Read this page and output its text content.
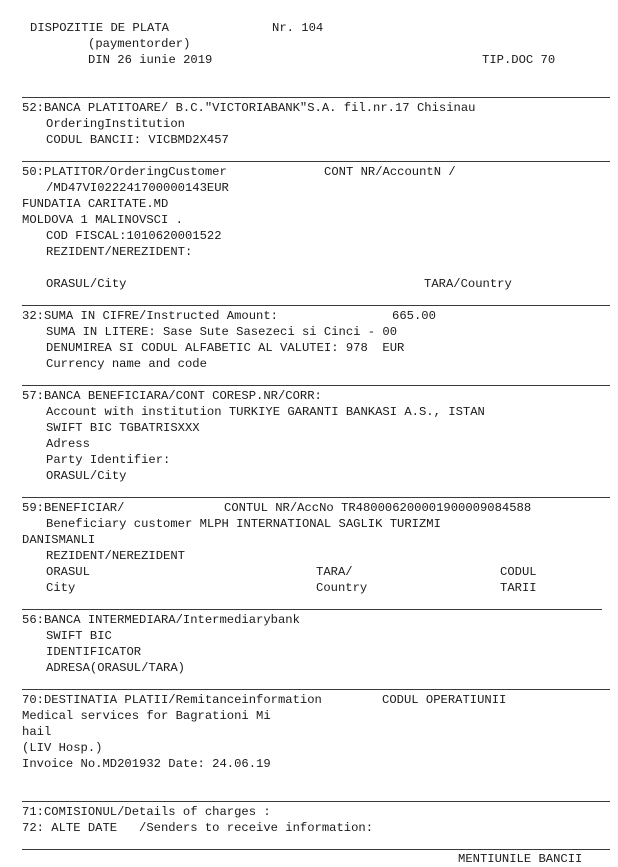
DISPOZITIE DE PLATA	Nr. 104
(paymentorder)
DIN 26 iunie 2019	TIP.DOC 70
52:BANCA PLATITOARE/ B.C."VICTORIABANK"S.A. fil.nr.17 Chisinau
OrderingInstitution
CODUL BANCII: VICBMD2X457
50:PLATITOR/OrderingCustomer	CONT NR/AccountN /
/MD47VI022241700000143EUR
FUNDATIA CARITATE.MD
MOLDOVA 1 MALINOVSCI .
COD FISCAL:1010620001522
REZIDENT/NEREZIDENT:
ORASUL/City	TARA/Country
32:SUMA IN CIFRE/Instructed Amount:	665.00
SUMA IN LITERE: Sase Sute Sasezeci si Cinci - 00
DENUMIREA SI CODUL ALFABETIC AL VALUTEI: 978  EUR
Currency name and code
57:BANCA BENEFICIARA/CONT CORESP.NR/CORR:
Account with institution TURKIYE GARANTI BANKASI A.S., ISTAN
SWIFT BIC TGBATRISXXX
Adress
Party Identifier:
ORASUL/City
59:BENEFICIAR/	CONTUL NR/AccNo TR480006200001900009084588
Beneficiary customer MLPH INTERNATIONAL SAGLIK TURIZMI
DANISMANLI
REZIDENT/NEREZIDENT
ORASUL	TARA/	CODUL
City	Country	TARII
56:BANCA INTERMEDIARA/Intermediarybank
SWIFT BIC
IDENTIFICATOR
ADRESA(ORASUL/TARA)
70:DESTINATIA PLATII/Remitanceinformation	CODUL OPERATIUNII
Medical services for Bagrationi Mi
hail
(LIV Hosp.)
Invoice No.MD201932 Date: 24.06.19
71:COMISIONUL/Details of charges :
72: ALTE DATE   /Senders to receive information:
MENTIUNILE BANCII
